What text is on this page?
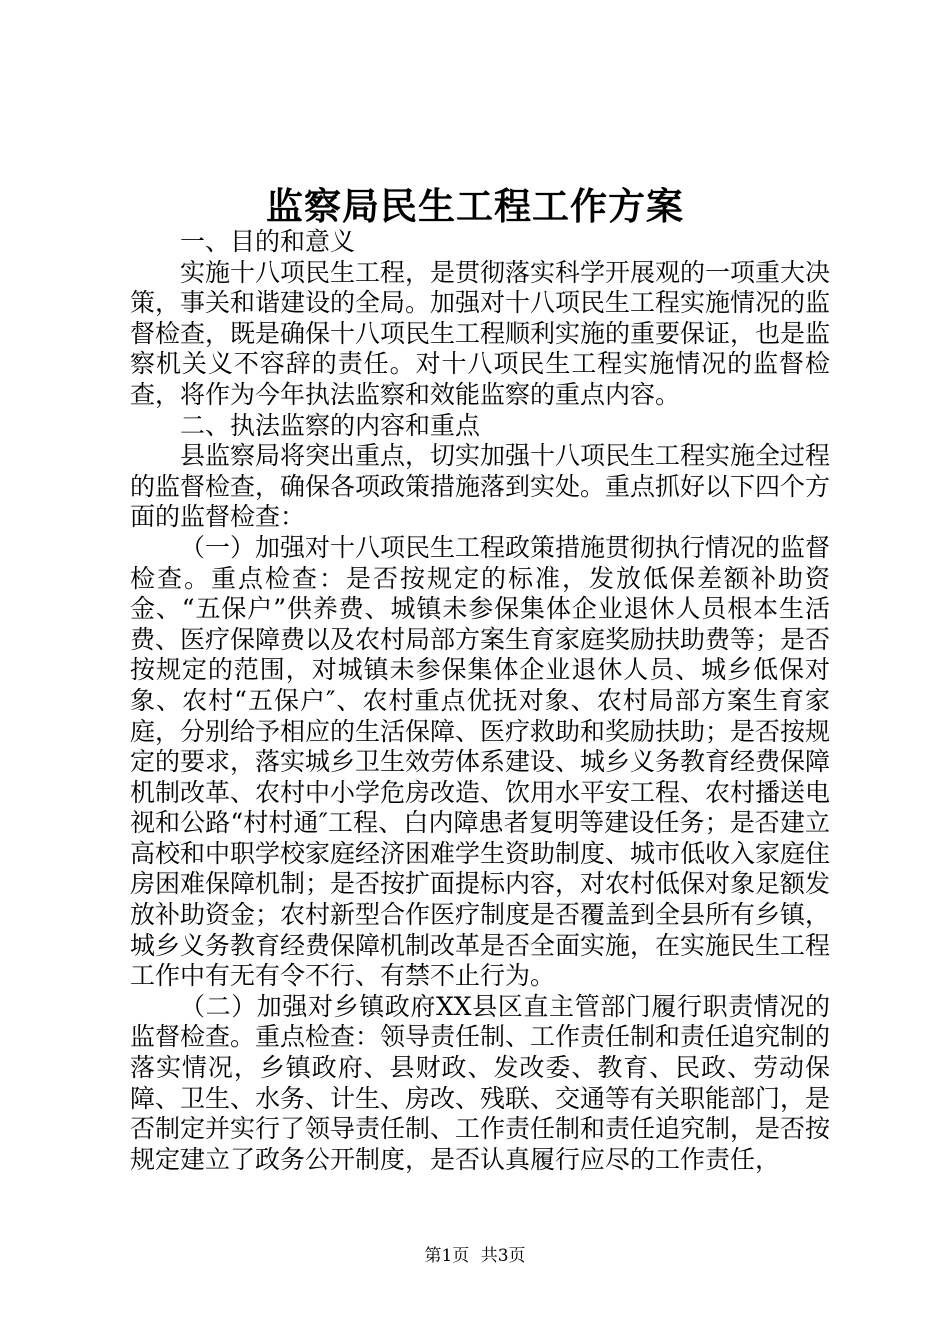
监察局民生工程工作方案

一、目的和意义

实施十八项民生工程，是贯彻落实科学开展观的一项重大决策，事关和谐建设的全局。加强对十八项民生工程实施情况的监督检查，既是确保十八项民生工程顺利实施的重要保证，也是监察机关义不容辞的责任。对十八项民生工程实施情况的监督检查，将作为今年执法监察和效能监察的重点内容。

二、执法监察的内容和重点

县监察局将突出重点，切实加强十八项民生工程实施全过程的监督检查，确保各项政策措施落到实处。重点抓好以下四个方面的监督检查：

（一）加强对十八项民生工程政策措施贯彻执行情况的监督检查。重点检查：是否按规定的标准，发放低保差额补助资金、“五保户”供养费、城镇未参保集体企业退休人员根本生活费、医疗保障费以及农村局部方案生育家庭奖励扶助费等；是否按规定的范围，对城镇未参保集体企业退休人员、城乡低保对象、农村“五保户″、农村重点优抚对象、农村局部方案生育家庭，分别给予相应的生活保障、医疗救助和奖励扶助；是否按规定的要求，落实城乡卫生效劳体系建设、城乡义务教育经费保障机制改革、农村中小学危房改造、饮用水平安工程、农村播送电视和公路“村村通″工程、白内障患者复明等建设任务；是否建立高校和中职学校家庭经济困难学生资助制度、城市低收入家庭住房困难保障机制；是否按扩面提标内容，对农村低保对象足额发放补助资金；农村新型合作医疗制度是否覆盖到全县所有乡镇，城乡义务教育经费保障机制改革是否全面实施，在实施民生工程工作中有无有令不行、有禁不止行为。

（二）加强对乡镇政府XX县区直主管部门履行职责情况的监督检查。重点检查：领导责任制、工作责任制和责任追究制的落实情况，乡镇政府、县财政、发改委、教育、民政、劳动保障、卫生、水务、计生、房改、残联、交通等有关职能部门，是否制定并实行了领导责任制、工作责任制和责任追究制，是否按规定建立了政务公开制度，是否认真履行应尽的工作责任，

第1页 共3页
